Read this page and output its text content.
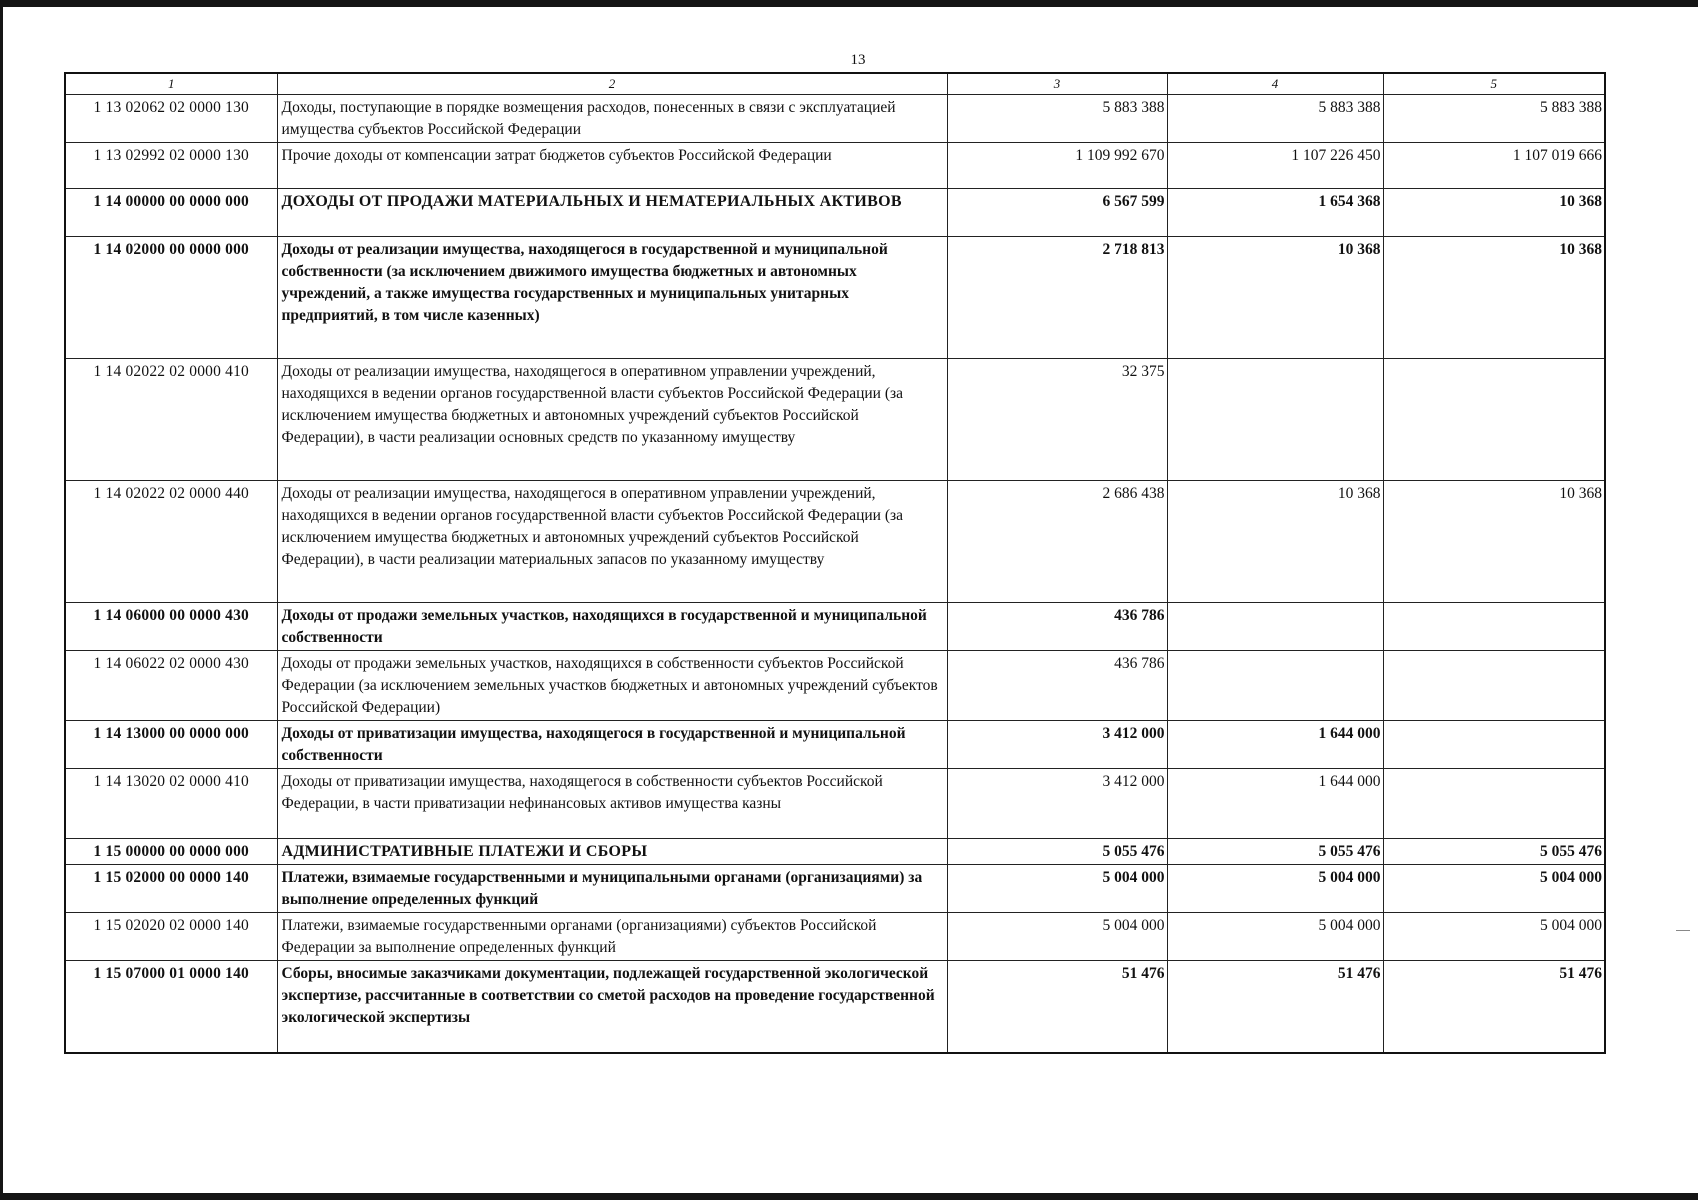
13
1	2	3	4	5
1 13 02062 02 0000 130	Доходы, поступающие в порядке возмещения расходов, понесенных в связи с эксплуатацией имущества субъектов Российской Федерации	5 883 388	5 883 388	5 883 388
1 13 02992 02 0000 130	Прочие доходы от компенсации затрат бюджетов субъектов Российской Федерации	1 109 992 670	1 107 226 450	1 107 019 666
1 14 00000 00 0000 000	ДОХОДЫ ОТ ПРОДАЖИ МАТЕРИАЛЬНЫХ И НЕМАТЕРИАЛЬНЫХ АКТИВОВ	6 567 599	1 654 368	10 368
1 14 02000 00 0000 000	Доходы от реализации имущества, находящегося в государственной и муниципальной собственности (за исключением движимого имущества бюджетных и автономных учреждений, а также имущества государственных и муниципальных унитарных предприятий, в том числе казенных)	2 718 813	10 368	10 368
1 14 02022 02 0000 410	Доходы от реализации имущества, находящегося в оперативном управлении учреждений, находящихся в ведении органов государственной власти субъектов Российской Федерации (за исключением имущества бюджетных и автономных учреждений субъектов Российской Федерации), в части реализации основных средств по указанному имуществу	32 375		
1 14 02022 02 0000 440	Доходы от реализации имущества, находящегося в оперативном управлении учреждений, находящихся в ведении органов государственной власти субъектов Российской Федерации (за исключением имущества бюджетных и автономных учреждений субъектов Российской Федерации), в части реализации материальных запасов по указанному имуществу	2 686 438	10 368	10 368
1 14 06000 00 0000 430	Доходы от продажи земельных участков, находящихся в государственной и муниципальной собственности	436 786		
1 14 06022 02 0000 430	Доходы от продажи земельных участков, находящихся в собственности субъектов Российской Федерации (за исключением земельных участков бюджетных и автономных учреждений субъектов Российской Федерации)	436 786		
1 14 13000 00 0000 000	Доходы от приватизации имущества, находящегося в государственной и муниципальной собственности	3 412 000	1 644 000	
1 14 13020 02 0000 410	Доходы от приватизации имущества, находящегося в собственности субъектов Российской Федерации, в части приватизации нефинансовых активов имущества казны	3 412 000	1 644 000	
1 15 00000 00 0000 000	АДМИНИСТРАТИВНЫЕ ПЛАТЕЖИ И СБОРЫ	5 055 476	5 055 476	5 055 476
1 15 02000 00 0000 140	Платежи, взимаемые государственными и муниципальными органами (организациями) за выполнение определенных функций	5 004 000	5 004 000	5 004 000
1 15 02020 02 0000 140	Платежи, взимаемые государственными органами (организациями) субъектов Российской Федерации за выполнение определенных функций	5 004 000	5 004 000	5 004 000
1 15 07000 01 0000 140	Сборы, вносимые заказчиками документации, подлежащей государственной экологической экспертизе, рассчитанные в соответствии со сметой расходов на проведение государственной экологической экспертизы	51 476	51 476	51 476
